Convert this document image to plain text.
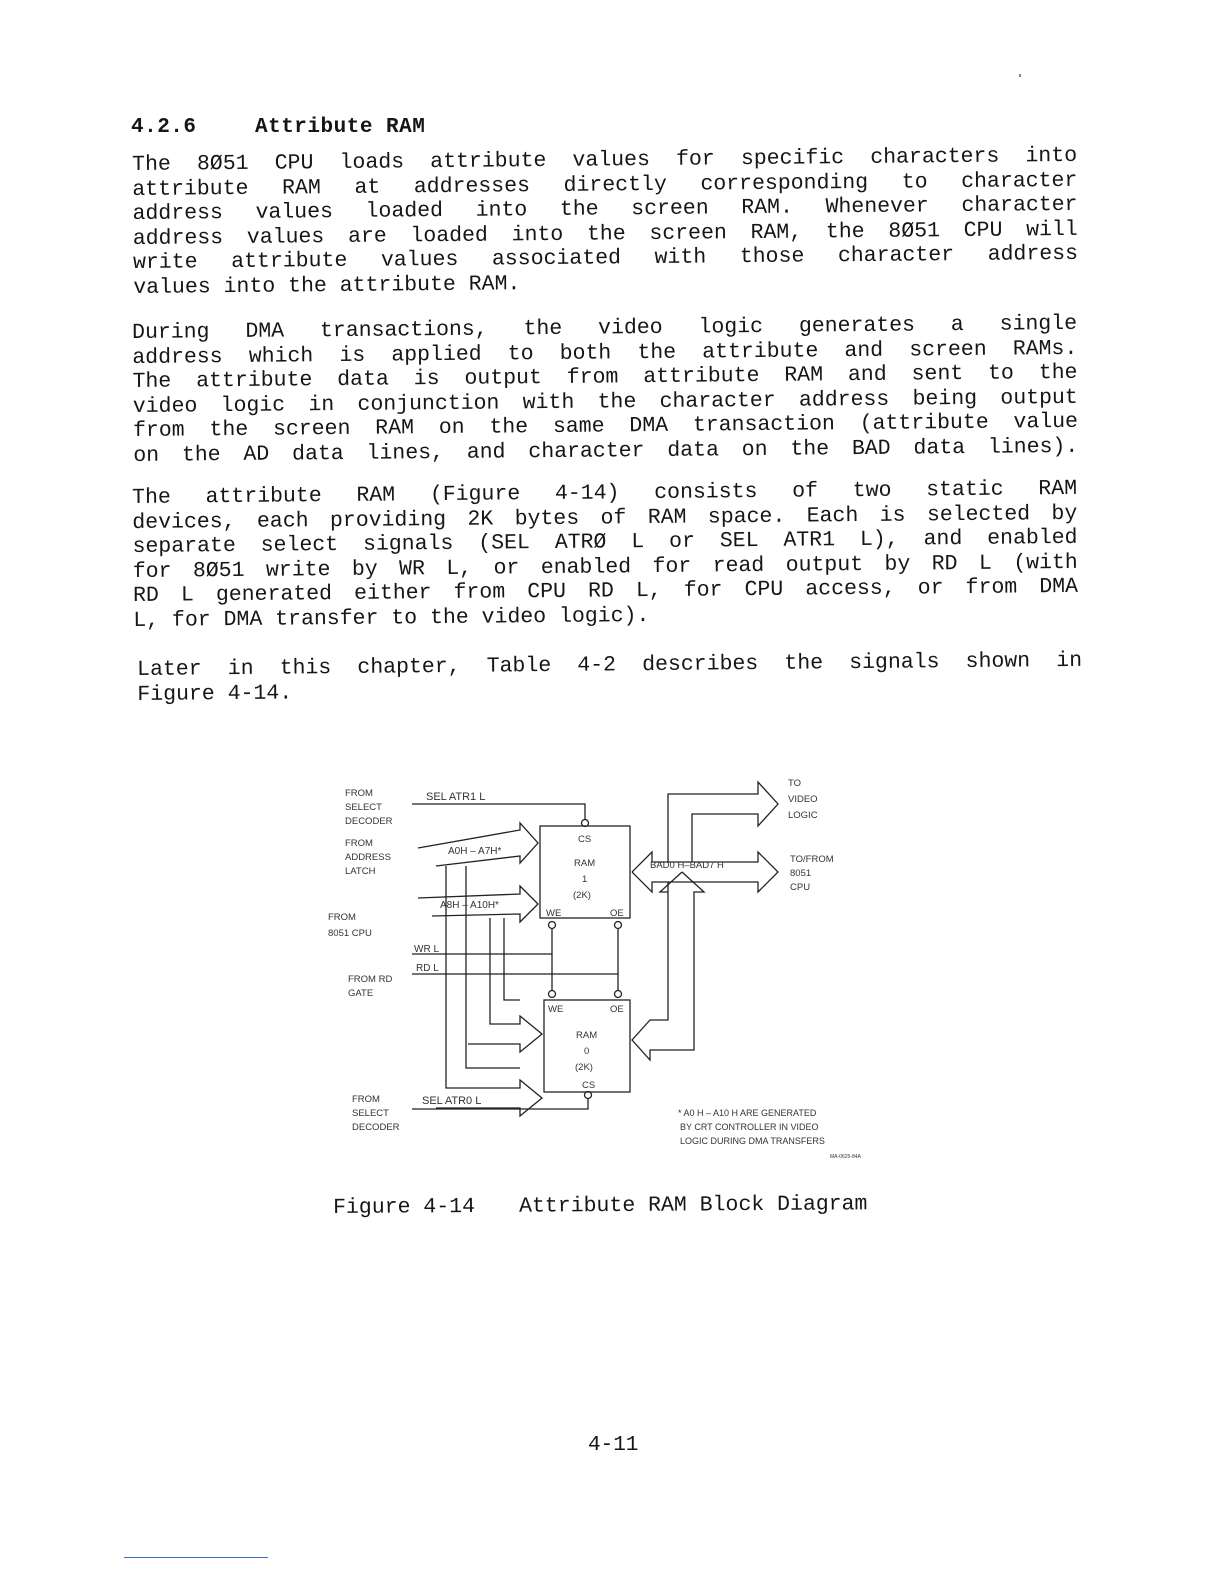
4.2.6	Attribute RAM
The 8Ø51 CPU loads attribute values for specific characters into
attribute RAM at addresses directly corresponding to character
address values loaded into the screen RAM. Whenever character
address values are loaded into the screen RAM, the 8Ø51 CPU will
write attribute values associated with those character address
values into the attribute RAM.
During DMA transactions, the video logic generates a single
address which is applied to both the attribute and screen RAMs.
The attribute data is output from attribute RAM and sent to the
video logic in conjunction with the character address being output
from the screen RAM on the same DMA transaction (attribute value
on the AD data lines, and character data on the BAD data lines).
The attribute RAM (Figure 4-14) consists of two static RAM
devices, each providing 2K bytes of RAM space. Each is selected by
separate select signals (SEL ATRØ L or SEL ATR1 L), and enabled
for 8Ø51 write by WR L, or enabled for read output by RD L (with
RD L generated either from CPU RD L, for CPU access, or from DMA
L, for DMA transfer to the video logic).
Later in this chapter, Table 4-2 describes the signals shown in
Figure 4-14.
FROM
SELECT
DECODER
SEL ATR1 L
FROM
ADDRESS
LATCH
A0H – A7H*
A8H – A10H*
FROM
8051 CPU
WR L
RD L
FROM RD
GATE
FROM
SELECT
DECODER
SEL ATR0 L
CS
RAM
1
(2K)
WE	OE
WE	OE
RAM
0
(2K)
CS
BAD0 H–BAD7 H
TO
VIDEO
LOGIC
TO/FROM
8051
CPU
* A0 H – A10 H ARE GENERATED
BY CRT CONTROLLER IN VIDEO
LOGIC DURING DMA TRANSFERS
MA-0625-84A
Figure 4-14 Attribute RAM Block Diagram
4-11
